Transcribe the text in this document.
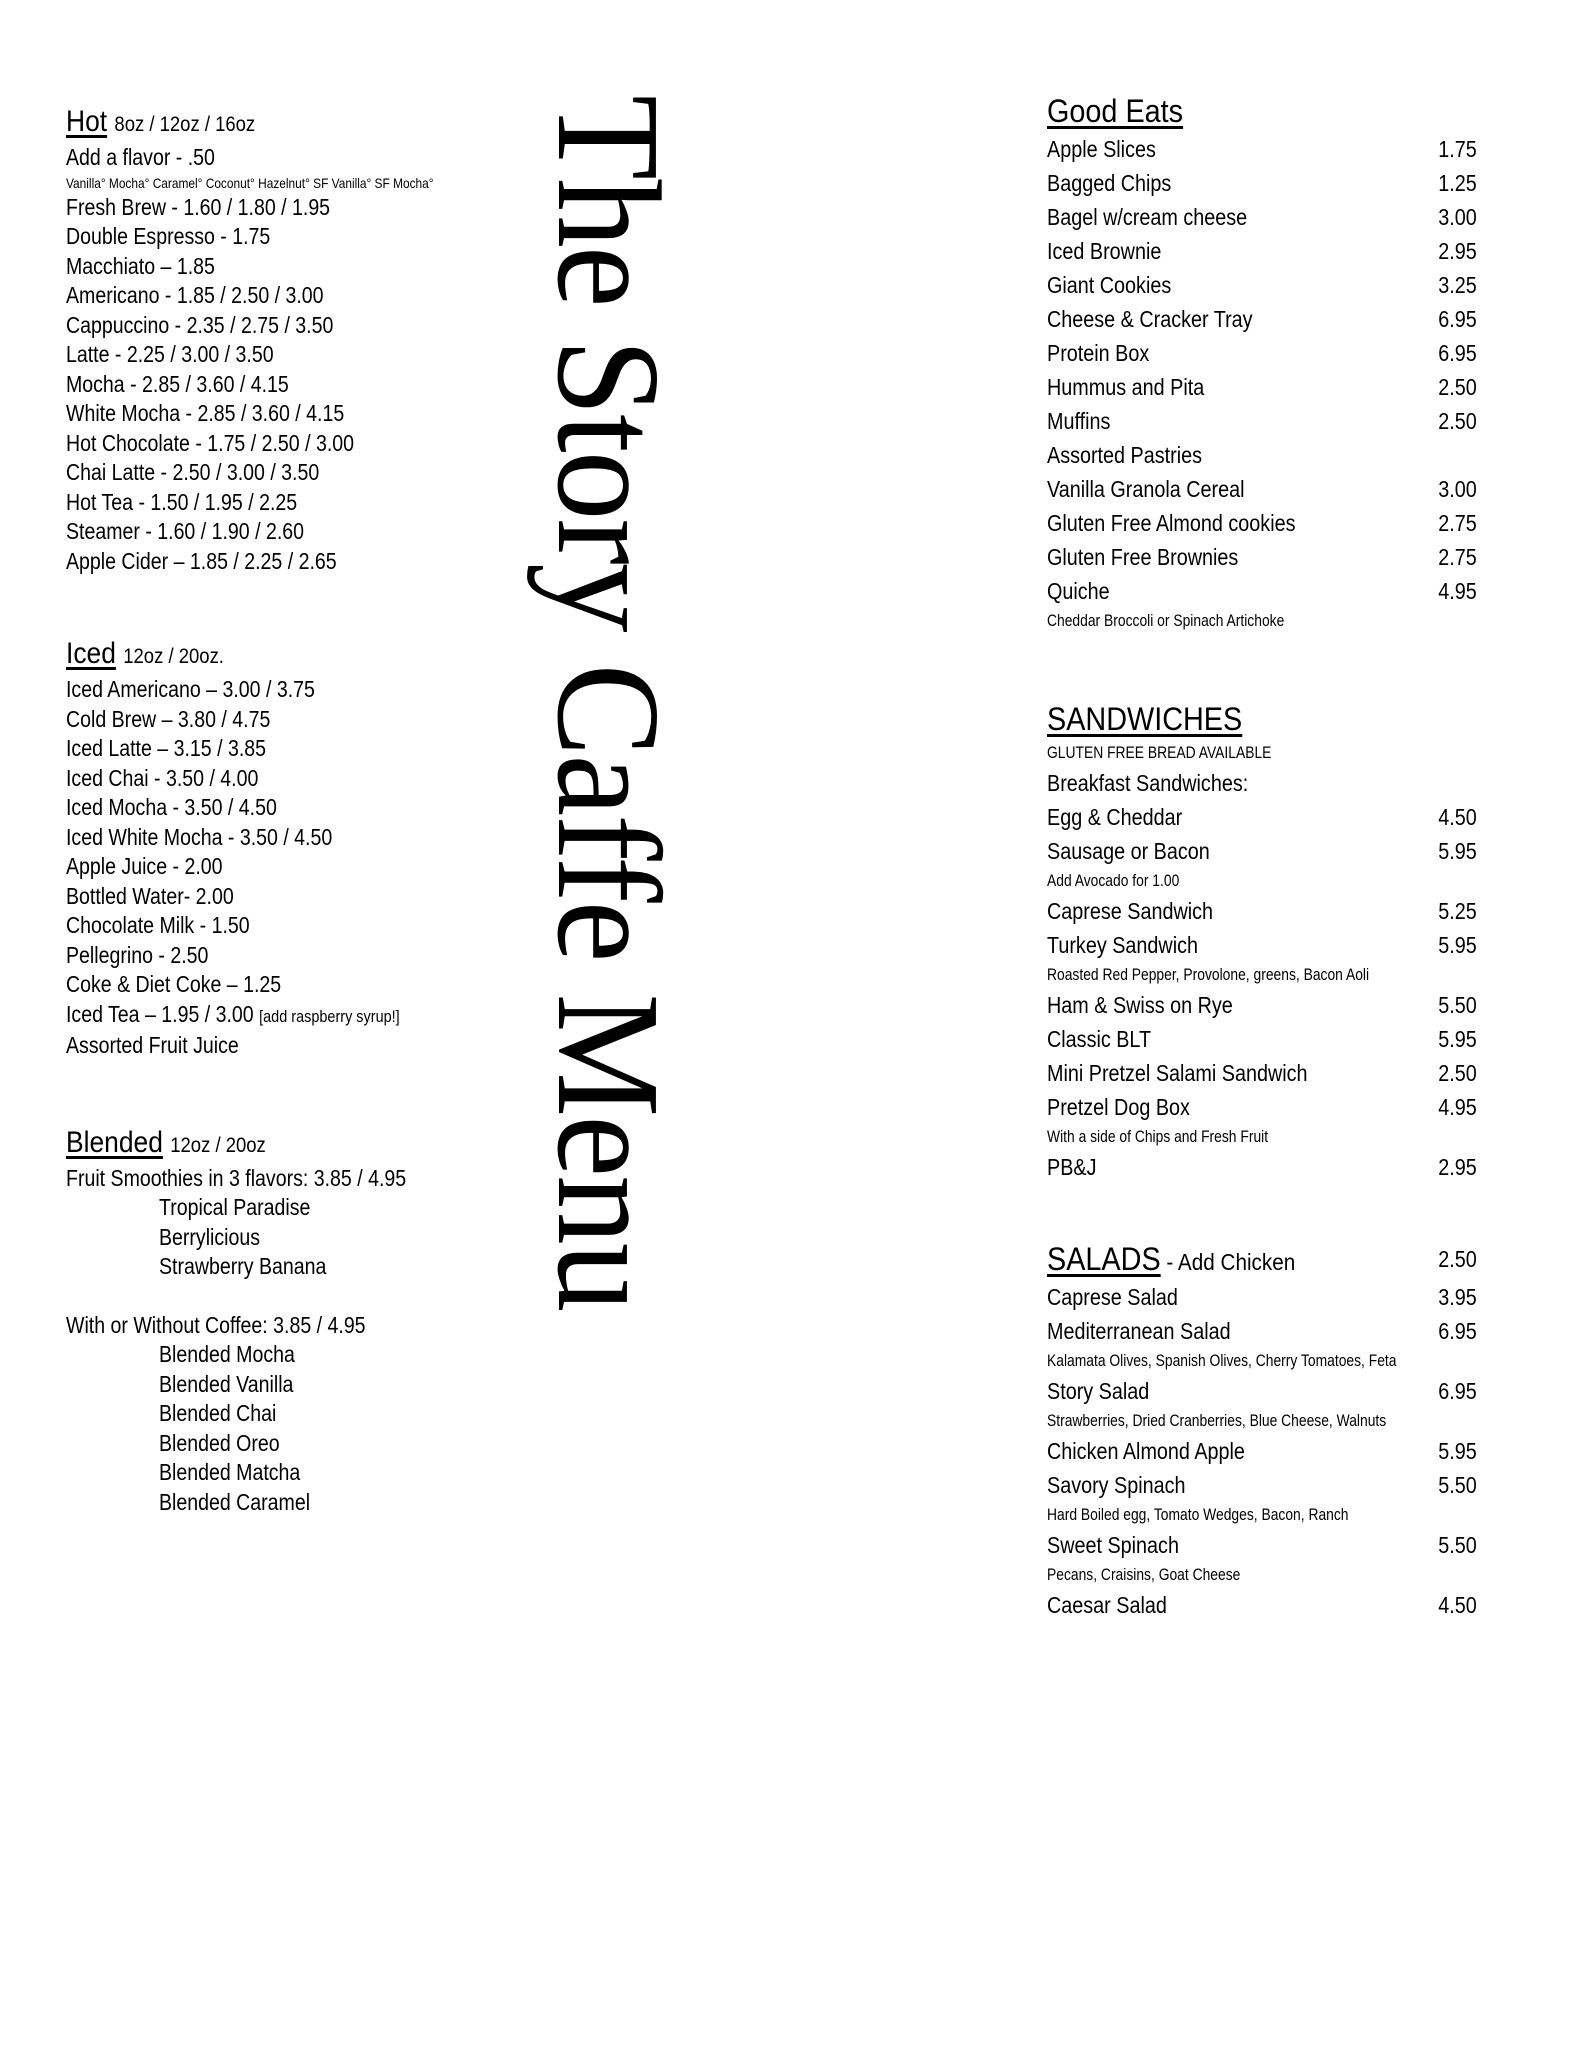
Hot 8oz / 12oz / 16oz
Add a flavor - .50
Vanilla° Mocha° Caramel° Coconut° Hazelnut° SF Vanilla° SF Mocha°
Fresh Brew - 1.60 / 1.80 / 1.95
Double Espresso - 1.75
Macchiato – 1.85
Americano - 1.85 / 2.50 / 3.00
Cappuccino - 2.35 / 2.75 / 3.50
Latte - 2.25 / 3.00 / 3.50
Mocha - 2.85 / 3.60 / 4.15
White Mocha - 2.85 / 3.60 / 4.15
Hot Chocolate - 1.75 / 2.50 / 3.00
Chai Latte - 2.50 / 3.00 / 3.50
Hot Tea - 1.50 / 1.95 / 2.25
Steamer - 1.60 / 1.90 / 2.60
Apple Cider – 1.85 / 2.25 / 2.65
Iced 12oz / 20oz.
Iced Americano – 3.00 / 3.75
Cold Brew – 3.80 / 4.75
Iced Latte – 3.15 / 3.85
Iced Chai - 3.50 / 4.00
Iced Mocha - 3.50 / 4.50
Iced White Mocha - 3.50 / 4.50
Apple Juice - 2.00
Bottled Water- 2.00
Chocolate Milk - 1.50
Pellegrino - 2.50
Coke & Diet Coke – 1.25
Iced Tea – 1.95 / 3.00 [add raspberry syrup!]
Assorted Fruit Juice
Blended 12oz / 20oz
Fruit Smoothies in 3 flavors: 3.85 / 4.95
Tropical Paradise
Berrylicious
Strawberry Banana
With or Without Coffee: 3.85 / 4.95
Blended Mocha
Blended Vanilla
Blended Chai
Blended Oreo
Blended Matcha
Blended Caramel
The Story Caffe Menu	Good Eats
Apple Slices	1.75
Bagged Chips	1.25
Bagel w/cream cheese	3.00
Iced Brownie	2.95
Giant Cookies	3.25
Cheese & Cracker Tray	6.95
Protein Box	6.95
Hummus and Pita	2.50
Muffins	2.50
Assorted Pastries
Vanilla Granola Cereal	3.00
Gluten Free Almond cookies	2.75
Gluten Free Brownies	2.75
Quiche	4.95
Cheddar Broccoli or Spinach Artichoke
SANDWICHES
GLUTEN FREE BREAD AVAILABLE
Breakfast Sandwiches:
Egg & Cheddar	4.50
Sausage or Bacon	5.95
Add Avocado for 1.00
Caprese Sandwich	5.25
Turkey Sandwich	5.95
Roasted Red Pepper, Provolone, greens, Bacon Aoli
Ham & Swiss on Rye	5.50
Classic BLT	5.95
Mini Pretzel Salami Sandwich	2.50
Pretzel Dog Box	4.95
With a side of Chips and Fresh Fruit
PB&J	2.95
SALADS - Add Chicken	2.50
Caprese Salad	3.95
Mediterranean Salad	6.95
Kalamata Olives, Spanish Olives, Cherry Tomatoes, Feta
Story Salad	6.95
Strawberries, Dried Cranberries, Blue Cheese, Walnuts
Chicken Almond Apple	5.95
Savory Spinach	5.50
Hard Boiled egg, Tomato Wedges, Bacon, Ranch
Sweet Spinach	5.50
Pecans, Craisins, Goat Cheese
Caesar Salad	4.50
